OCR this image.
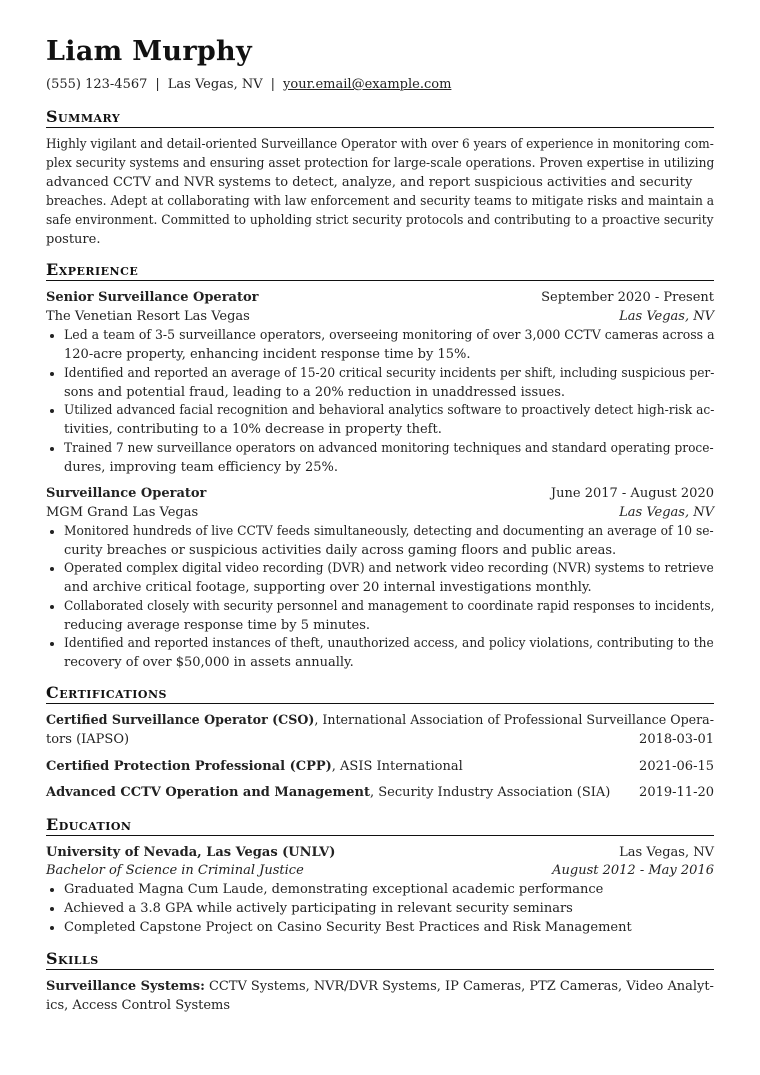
Liam Murphy
(555) 123-4567 | Las Vegas, NV | your.email@example.com
Summary
Highly vigilant and detail-oriented Surveillance Operator with over 6 years of experience in monitoring com-
plex security systems and ensuring asset protection for large-scale operations. Proven expertise in utilizing
advanced CCTV and NVR systems to detect, analyze, and report suspicious activities and security
breaches. Adept at collaborating with law enforcement and security teams to mitigate risks and maintain a
safe environment. Committed to upholding strict security protocols and contributing to a proactive security
posture.
Experience
Senior Surveillance Operator	September 2020 - Present
The Venetian Resort Las Vegas	Las Vegas, NV
Led a team of 3-5 surveillance operators, overseeing monitoring of over 3,000 CCTV cameras across a
120-acre property, enhancing incident response time by 15%.
Identified and reported an average of 15-20 critical security incidents per shift, including suspicious per-
sons and potential fraud, leading to a 20% reduction in unaddressed issues.
Utilized advanced facial recognition and behavioral analytics software to proactively detect high-risk ac-
tivities, contributing to a 10% decrease in property theft.
Trained 7 new surveillance operators on advanced monitoring techniques and standard operating proce-
dures, improving team efficiency by 25%.
Surveillance Operator	June 2017 - August 2020
MGM Grand Las Vegas	Las Vegas, NV
Monitored hundreds of live CCTV feeds simultaneously, detecting and documenting an average of 10 se-
curity breaches or suspicious activities daily across gaming floors and public areas.
Operated complex digital video recording (DVR) and network video recording (NVR) systems to retrieve
and archive critical footage, supporting over 20 internal investigations monthly.
Collaborated closely with security personnel and management to coordinate rapid responses to incidents,
reducing average response time by 5 minutes.
Identified and reported instances of theft, unauthorized access, and policy violations, contributing to the
recovery of over $50,000 in assets annually.
Certifications
Certified Surveillance Operator (CSO), International Association of Professional Surveillance Opera-
tors (IAPSO)	2018-03-01
Certified Protection Professional (CPP), ASIS International	2021-06-15
Advanced CCTV Operation and Management, Security Industry Association (SIA) 2019-11-20
Education
University of Nevada, Las Vegas (UNLV)	Las Vegas, NV
Bachelor of Science in Criminal Justice	August 2012 - May 2016
Graduated Magna Cum Laude, demonstrating exceptional academic performance
Achieved a 3.8 GPA while actively participating in relevant security seminars
Completed Capstone Project on Casino Security Best Practices and Risk Management
Skills
Surveillance Systems: CCTV Systems, NVR/DVR Systems, IP Cameras, PTZ Cameras, Video Analyt-
ics, Access Control Systems
